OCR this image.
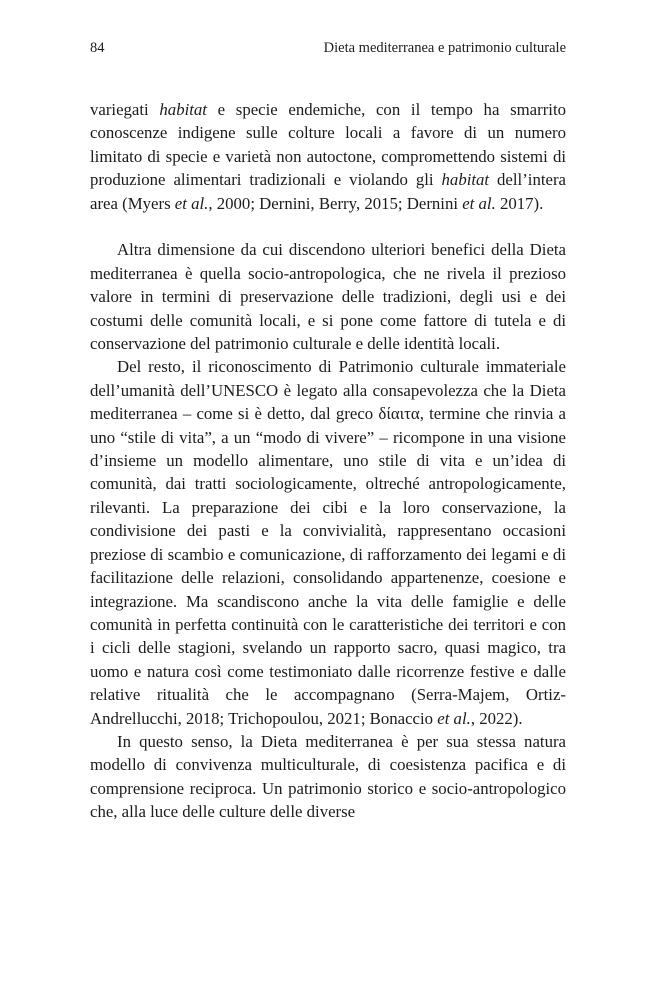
84	Dieta mediterranea e patrimonio culturale

variegati habitat e specie endemiche, con il tempo ha smarrito conoscenze indigene sulle colture locali a favore di un numero limitato di specie e varietà non autoctone, compromettendo sistemi di produzione alimentari tradizionali e violando gli habitat dell’intera area (Myers et al., 2000; Dernini, Berry, 2015; Dernini et al. 2017).

Altra dimensione da cui discendono ulteriori benefici della Dieta mediterranea è quella socio-antropologica, che ne rivela il prezioso valore in termini di preservazione delle tradizioni, degli usi e dei costumi delle comunità locali, e si pone come fattore di tutela e di conservazione del patrimonio culturale e delle identità locali.

Del resto, il riconoscimento di Patrimonio culturale immateriale dell’umanità dell’UNESCO è legato alla consapevolezza che la Dieta mediterranea – come si è detto, dal greco δίαιτα, termine che rinvia a uno “stile di vita”, a un “modo di vivere” – ricompone in una visione d’insieme un modello alimentare, uno stile di vita e un’idea di comunità, dai tratti sociologicamente, oltreché antropologicamente, rilevanti. La preparazione dei cibi e la loro conservazione, la condivisione dei pasti e la convivialità, rappresentano occasioni preziose di scambio e comunicazione, di rafforzamento dei legami e di facilitazione delle relazioni, consolidando appartenenze, coesione e integrazione. Ma scandiscono anche la vita delle famiglie e delle comunità in perfetta continuità con le caratteristiche dei territori e con i cicli delle stagioni, svelando un rapporto sacro, quasi magico, tra uomo e natura così come testimoniato dalle ricorrenze festive e dalle relative ritualità che le accompagnano (Serra-Majem, Ortiz-Andrellucchi, 2018; Trichopoulou, 2021; Bonaccio et al., 2022).

In questo senso, la Dieta mediterranea è per sua stessa natura modello di convivenza multiculturale, di coesistenza pacifica e di comprensione reciproca. Un patrimonio storico e socio-antropologico che, alla luce delle culture delle diverse
